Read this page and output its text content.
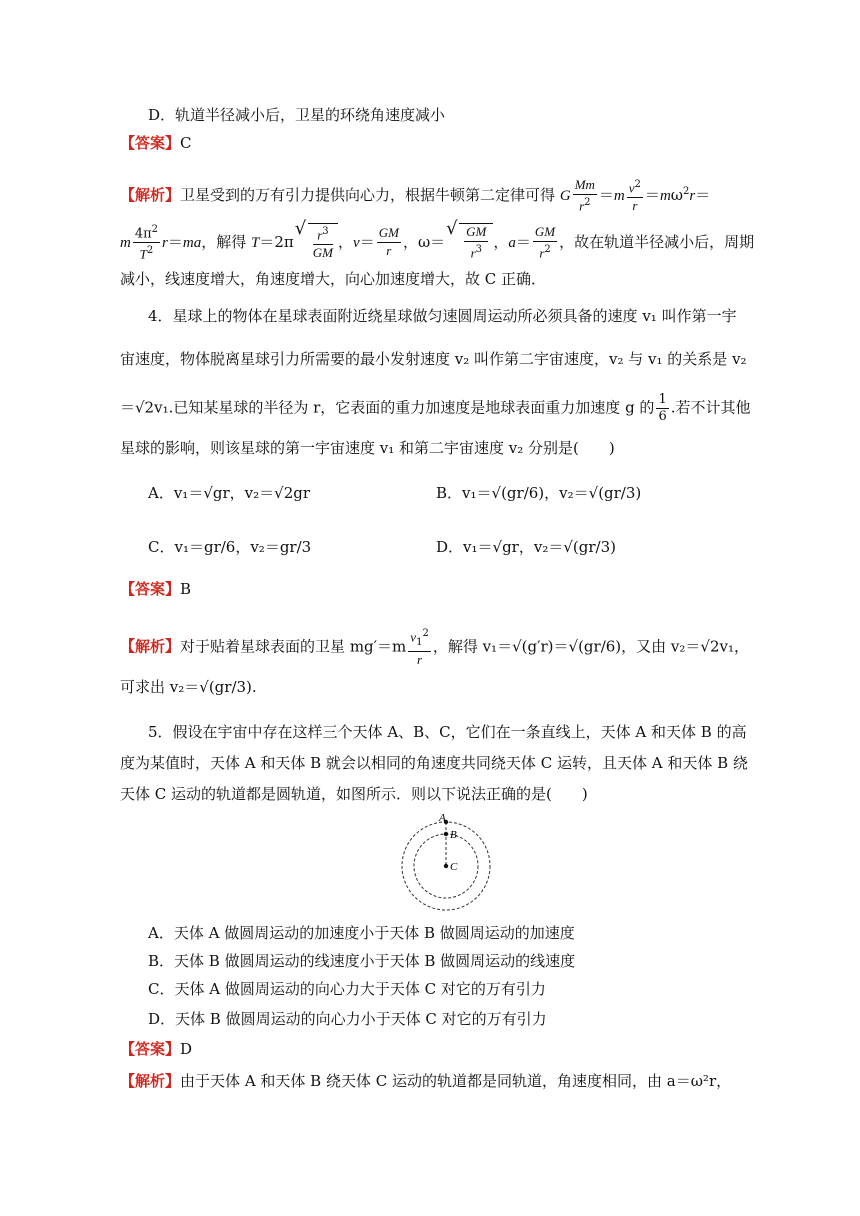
D．轨道半径减小后，卫星的环绕角速度减小
【 答案 】 C
【 解析 】 卫星受到的万有引力提供向心力，根据牛顿第二定律可得 G $\frac{Mm}{r^2} =m \frac{v^2}{r} =m\omega^2r=$
m $\frac{4\pi^2}{T^2} r=ma$，解得 T＝2π √ $\frac{r^3}{GM}$ ，$v= \frac{GM}{r}$ ，ω＝ √ $\frac{GM}{r^3}$ ，$a= \frac{GM}{r^2}$ ，故在轨道半径减小后，周期
减小，线速度增大，角速度增大，向心加速度增大，故 C 正确．
4．星球上的物体在星球表面附近绕星球做匀速圆周运动所必须具备的速度 v₁ 叫作第一宇
宙速度，物体脱离星球引力所需要的最小发射速度 v₂ 叫作第二宇宙速度，v₂ 与 v₁ 的关系是 v₂
＝√2v₁.已知某星球的半径为 r，它表面的重力加速度是地球表面重力加速度 g 的 $\frac{1}{6}$ .若不计其他
星球的影响，则该星球的第一宇宙速度 v₁ 和第二宇宙速度 v₂ 分别是(　　)
A．v₁＝√gr，v₂＝√2gr	B．v₁＝√(gr/6)，v₂＝√(gr/3)
C．v₁＝gr/6，v₂＝gr/3	D．v₁＝√gr，v₂＝√(gr/3)
【 答案 】 B
【 解析 】 对于贴着星球表面的卫星 $mg'=m \frac{v_1^2}{r}$ ，解得 v₁＝√(g′r)＝√(gr/6)，又由 v₂＝√2v₁，
可求出 v₂＝√(gr/3).
5．假设在宇宙中存在这样三个天体 A、B、C，它们在一条直线上，天体 A 和天体 B 的高
度为某值时，天体 A 和天体 B 就会以相同的角速度共同绕天体 C 运转，且天体 A 和天体 B 绕
天体 C 运动的轨道都是圆轨道，如图所示．则以下说法正确的是(　　)
A
B
C
A．天体 A 做圆周运动的加速度小于天体 B 做圆周运动的加速度
B．天体 B 做圆周运动的线速度小于天体 B 做圆周运动的线速度
C．天体 A 做圆周运动的向心力大于天体 C 对它的万有引力
D．天体 B 做圆周运动的向心力小于天体 C 对它的万有引力
【 答案 】 D
【 解析 】 由于天体 A 和天体 B 绕天体 C 运动的轨道都是同轨道，角速度相同，由 a＝ω²r，
